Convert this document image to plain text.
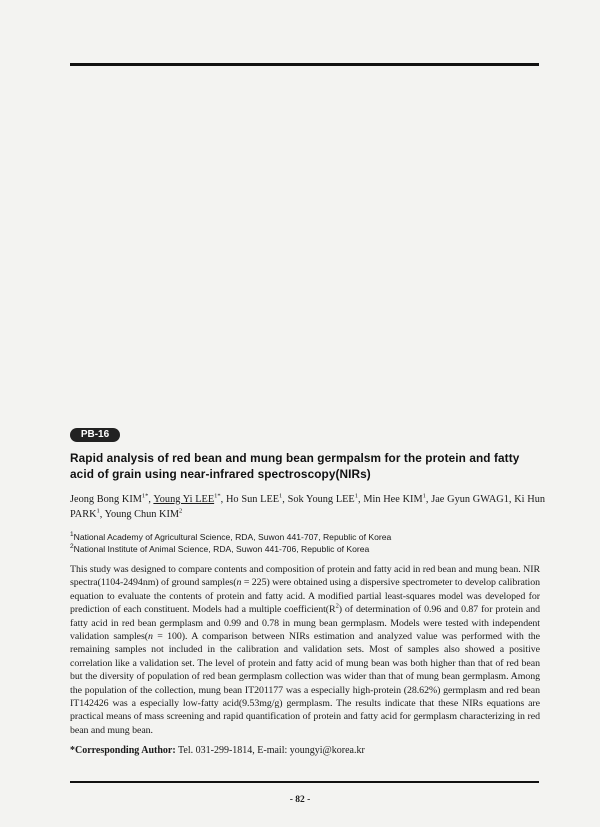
PB-16
Rapid analysis of red bean and mung bean germpalsm for the protein and fatty acid of grain using near-infrared spectroscopy(NIRs)

Jeong Bong $KIM^{1*}$, Young Yi $LEE^{1*}$, Ho Sun LEE$^1$, Sok Young LEE$^1$, Min Hee KIM$^1$, Jae Gyun GWAG1, Ki Hun PARK$^1$, Young Chun KIM$^2$

$^1$National Academy of Agricultural Science, RDA, Suwon 441-707, Republic of Korea

$^2$National Institute of Animal Science, RDA, Suwon 441-706, Republic of Korea

This study was designed to compare contents and composition of protein and fatty acid in red bean and mung bean. NIR spectra(1104-2494nm) of ground samples(n = 225) were obtained using a dispersive spectrometer to develop calibration equation to evaluate the contents of protein and fatty acid. A modified partial least-squares model was developed for prediction of each constituent. Models had a multiple $coefficient(R^2)$ of determination of 0.96 and 0.87 for protein and fatty acid in red bean germplasm and 0.99 and 0.78 in mung bean germplasm. Models were tested with independent validation samples(n = 100). A comparison between NIRs estimation and analyzed value was performed with the remaining samples not included in the calibration and validation sets. Most of samples also showed a positive correlation like a validation set. The level of protein and fatty acid of mung bean was both higher than that of red bean but the diversity of population of red bean germplasm collection was wider than that of mung bean germplasm. Among the population of the collection, mung bean IT201177 was a especially high-protein (28.62%) germplasm and red bean IT142426 was a especially low-fatty acid(9.53mg/g) germplasm. The results indicate that these NIRs equations are practical means of mass screening and rapid quantification of protein and fatty acid for germplasm characterizing in red bean and mung bean.

*Corresponding Author: Tel. 031-299-1814, E-mail: youngyi@korea.kr

- 82 -
